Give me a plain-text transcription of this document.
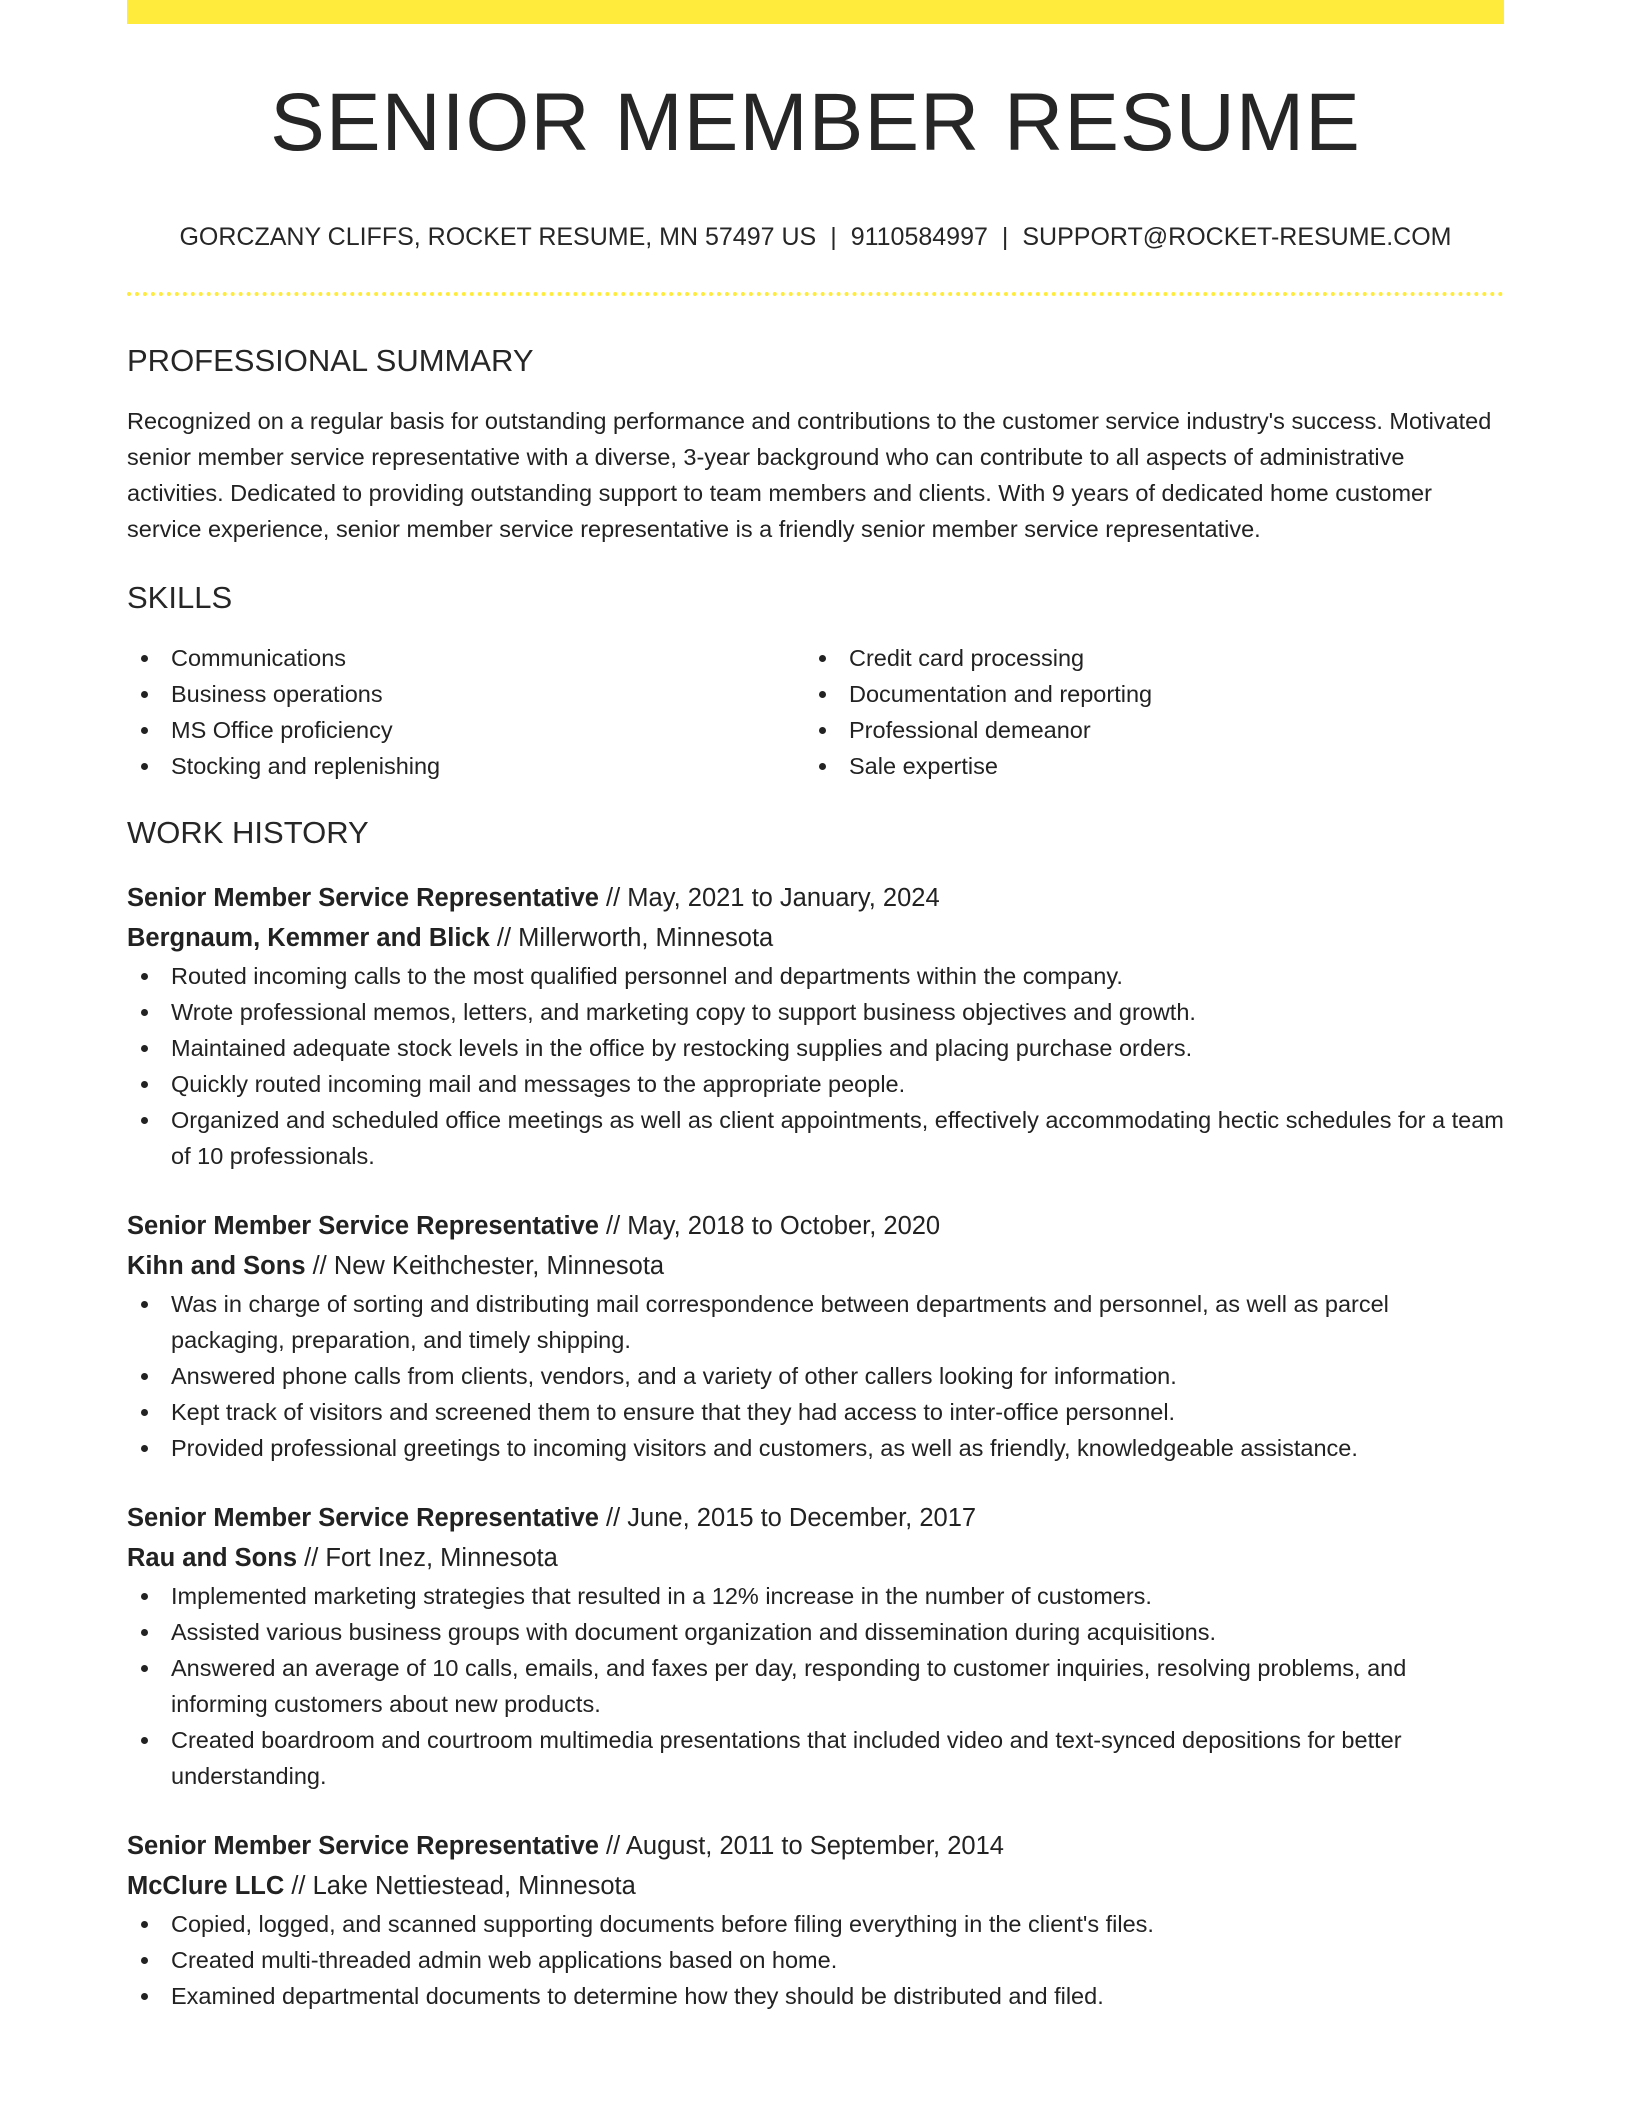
SENIOR MEMBER RESUME
GORCZANY CLIFFS, ROCKET RESUME, MN 57497 US | 9110584997 | SUPPORT@ROCKET-RESUME.COM
PROFESSIONAL SUMMARY

Recognized on a regular basis for outstanding performance and contributions to the customer service industry's success. Motivated senior member service representative with a diverse, 3-year background who can contribute to all aspects of administrative activities. Dedicated to providing outstanding support to team members and clients. With 9 years of dedicated home customer service experience, senior member service representative is a friendly senior member service representative.

SKILLS
Communications
Business operations
MS Office proficiency
Stocking and replenishing
Credit card processing
Documentation and reporting
Professional demeanor
Sale expertise
WORK HISTORY
Senior Member Service Representative // May, 2021 to January, 2024
Bergnaum, Kemmer and Blick // Millerworth, Minnesota
Routed incoming calls to the most qualified personnel and departments within the company.
Wrote professional memos, letters, and marketing copy to support business objectives and growth.
Maintained adequate stock levels in the office by restocking supplies and placing purchase orders.
Quickly routed incoming mail and messages to the appropriate people.
Organized and scheduled office meetings as well as client appointments, effectively accommodating hectic schedules for a team of 10 professionals.
Senior Member Service Representative // May, 2018 to October, 2020
Kihn and Sons // New Keithchester, Minnesota
Was in charge of sorting and distributing mail correspondence between departments and personnel, as well as parcel packaging, preparation, and timely shipping.
Answered phone calls from clients, vendors, and a variety of other callers looking for information.
Kept track of visitors and screened them to ensure that they had access to inter-office personnel.
Provided professional greetings to incoming visitors and customers, as well as friendly, knowledgeable assistance.
Senior Member Service Representative // June, 2015 to December, 2017
Rau and Sons // Fort Inez, Minnesota
Implemented marketing strategies that resulted in a 12% increase in the number of customers.
Assisted various business groups with document organization and dissemination during acquisitions.
Answered an average of 10 calls, emails, and faxes per day, responding to customer inquiries, resolving problems, and informing customers about new products.
Created boardroom and courtroom multimedia presentations that included video and text-synced depositions for better understanding.
Senior Member Service Representative // August, 2011 to September, 2014
McClure LLC // Lake Nettiestead, Minnesota
Copied, logged, and scanned supporting documents before filing everything in the client's files.
Created multi-threaded admin web applications based on home.
Examined departmental documents to determine how they should be distributed and filed.
